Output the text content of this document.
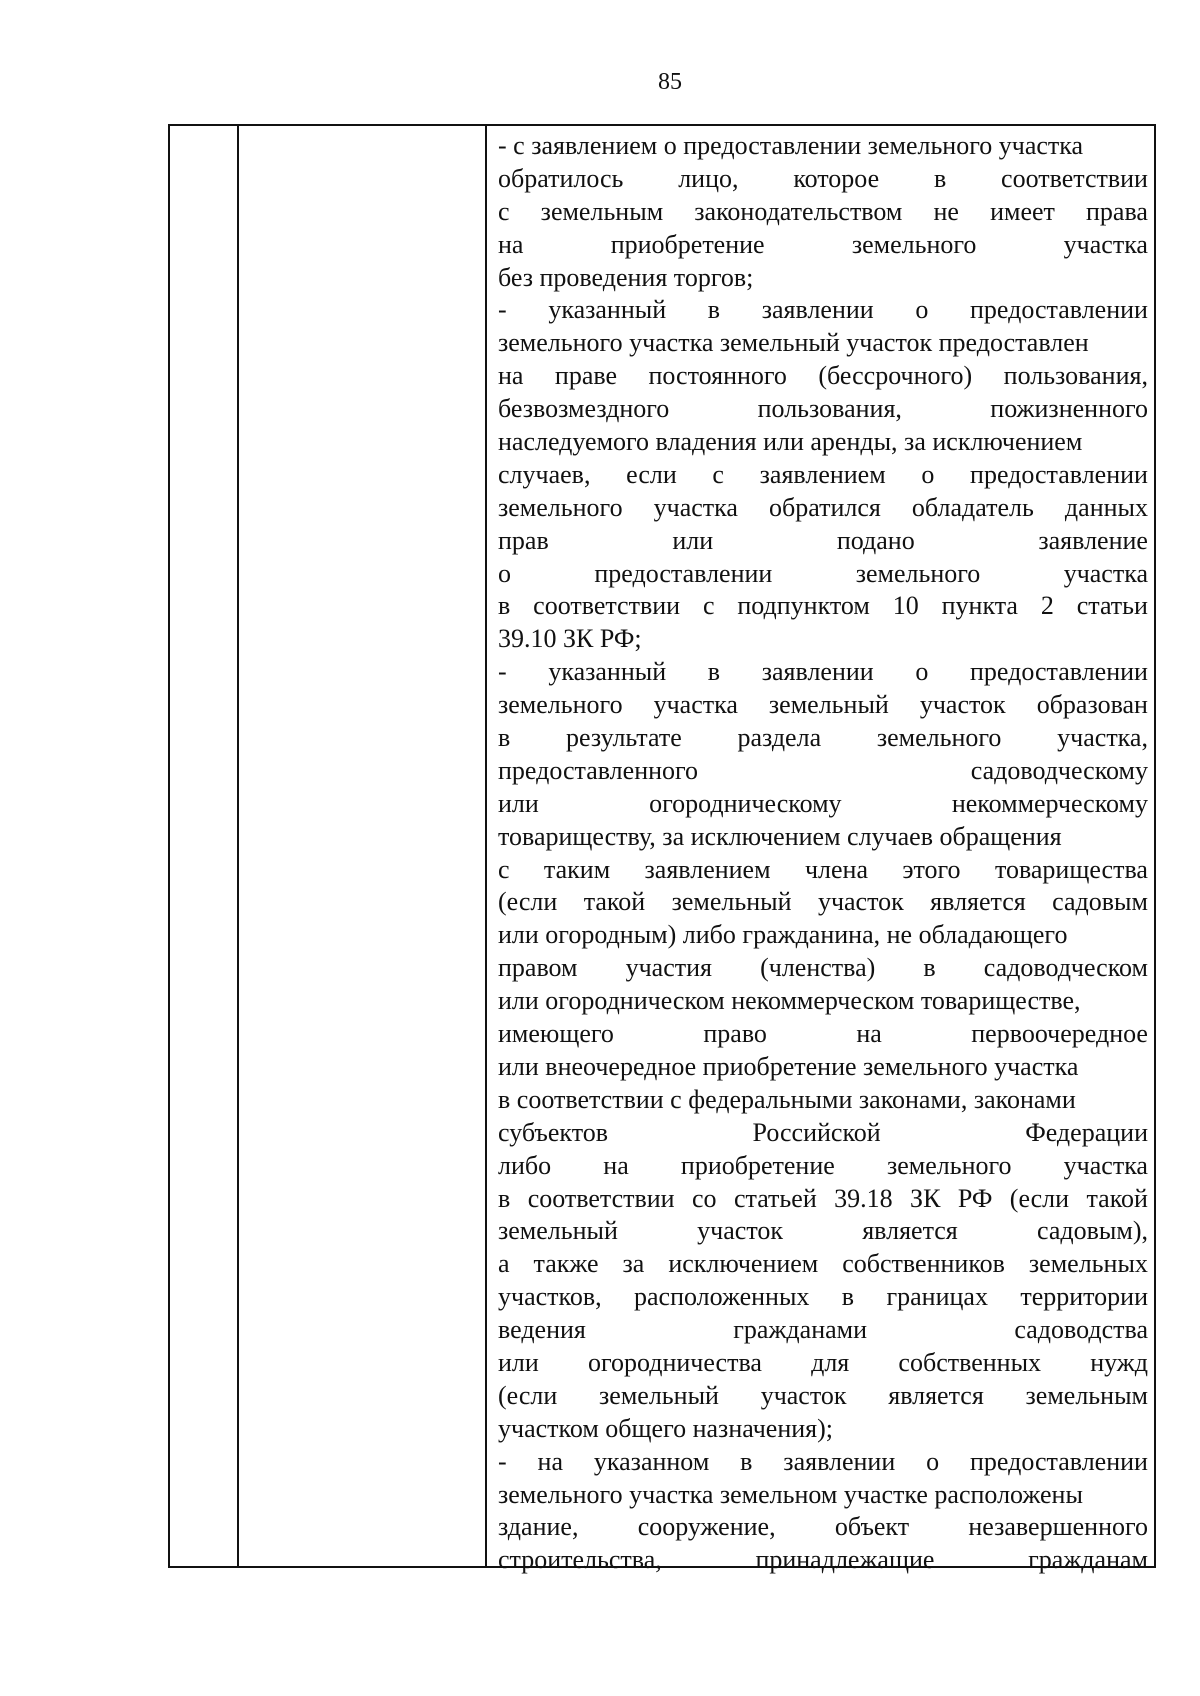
85
- с заявлением о предоставлении земельного участка
обратилось лицо, которое в соответствии
с земельным законодательством не имеет права
на	приобретение	земельного	участка
без проведения торгов;
- указанный в заявлении о предоставлении
земельного участка земельный участок предоставлен
на праве постоянного (бессрочного) пользования,
безвозмездного	пользования,	пожизненного
наследуемого владения или аренды, за исключением
случаев, если с заявлением о предоставлении
земельного участка обратился обладатель данных
прав	или	подано	заявление
о	предоставлении	земельного	участка
в соответствии с подпунктом 10 пункта 2 статьи
39.10 ЗК РФ;
- указанный в заявлении о предоставлении
земельного участка земельный участок образован
в результате раздела земельного участка,
предоставленного	садоводческому
или	огородническому	некоммерческому
товариществу, за исключением случаев обращения
с таким заявлением члена этого товарищества
(если такой земельный участок является садовым
или огородным) либо гражданина, не обладающего
правом участия (членства) в садоводческом
или огородническом некоммерческом товариществе,
имеющего	право	на	первоочередное
или внеочередное приобретение земельного участка
в соответствии с федеральными законами, законами
субъектов	Российской	Федерации
либо на приобретение земельного участка
в соответствии со статьей 39.18 ЗК РФ (если такой
земельный	участок	является	садовым),
а также за исключением собственников земельных
участков, расположенных в границах территории
ведения	гражданами	садоводства
или огородничества для собственных нужд
(если земельный участок является земельным
участком общего назначения);
- на указанном в заявлении о предоставлении
земельного участка земельном участке расположены
здание, сооружение, объект незавершенного
строительства,	принадлежащие	гражданам
